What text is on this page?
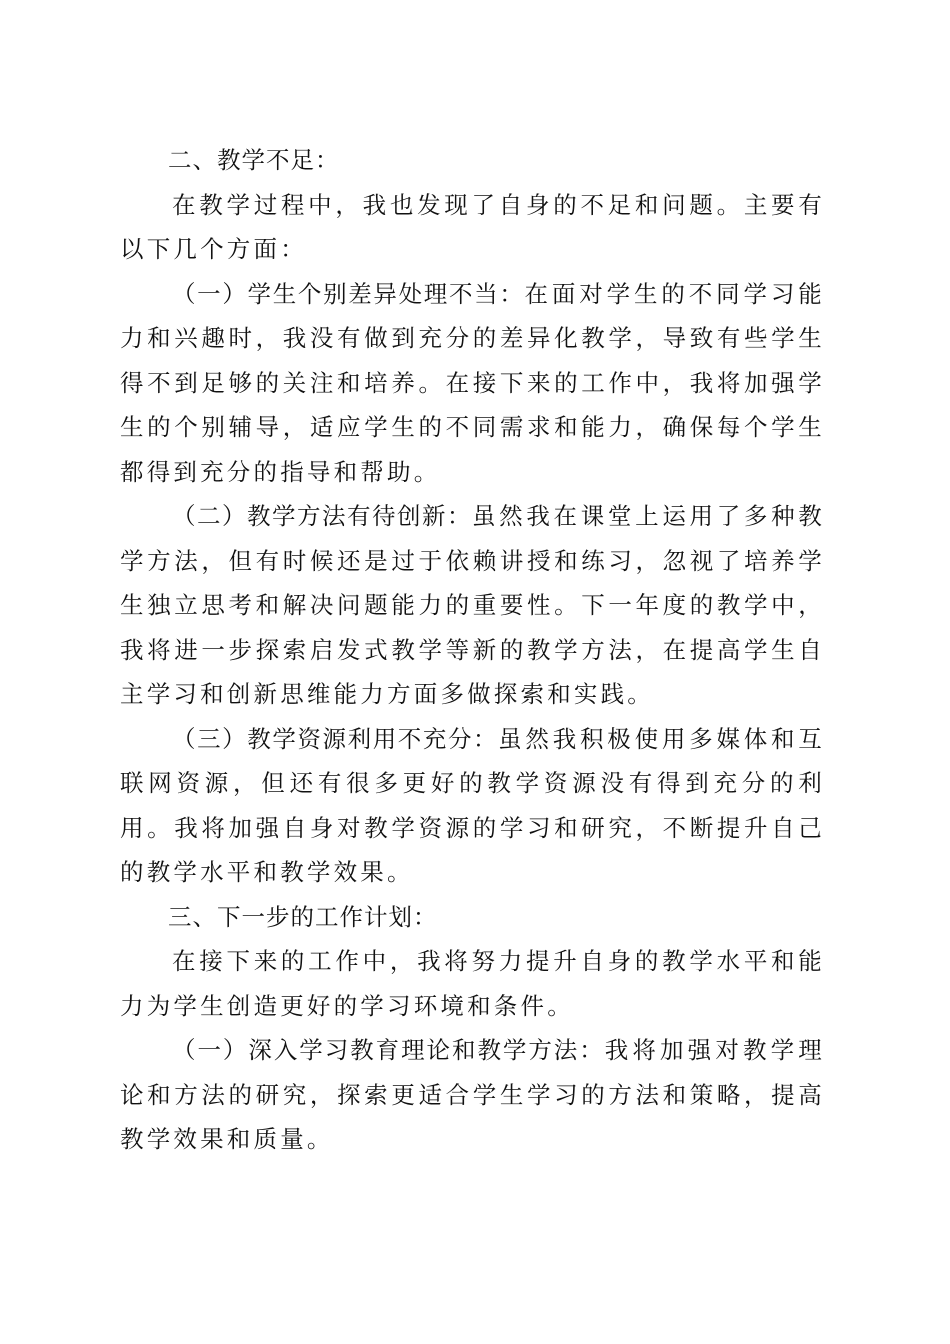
二、教学不足：

在教学过程中，我也发现了自身的不足和问题。主要有以下几个方面：

（一）学生个别差异处理不当：在面对学生的不同学习能力和兴趣时，我没有做到充分的差异化教学，导致有些学生得不到足够的关注和培养。在接下来的工作中，我将加强学生的个别辅导，适应学生的不同需求和能力，确保每个学生都得到充分的指导和帮助。

（二）教学方法有待创新：虽然我在课堂上运用了多种教学方法，但有时候还是过于依赖讲授和练习，忽视了培养学生独立思考和解决问题能力的重要性。下一年度的教学中，我将进一步探索启发式教学等新的教学方法，在提高学生自主学习和创新思维能力方面多做探索和实践。

（三）教学资源利用不充分：虽然我积极使用多媒体和互联网资源，但还有很多更好的教学资源没有得到充分的利用。我将加强自身对教学资源的学习和研究，不断提升自己的教学水平和教学效果。

三、下一步的工作计划：

在接下来的工作中，我将努力提升自身的教学水平和能力为学生创造更好的学习环境和条件。

（一）深入学习教育理论和教学方法：我将加强对教学理论和方法的研究，探索更适合学生学习的方法和策略，提高教学效果和质量。
